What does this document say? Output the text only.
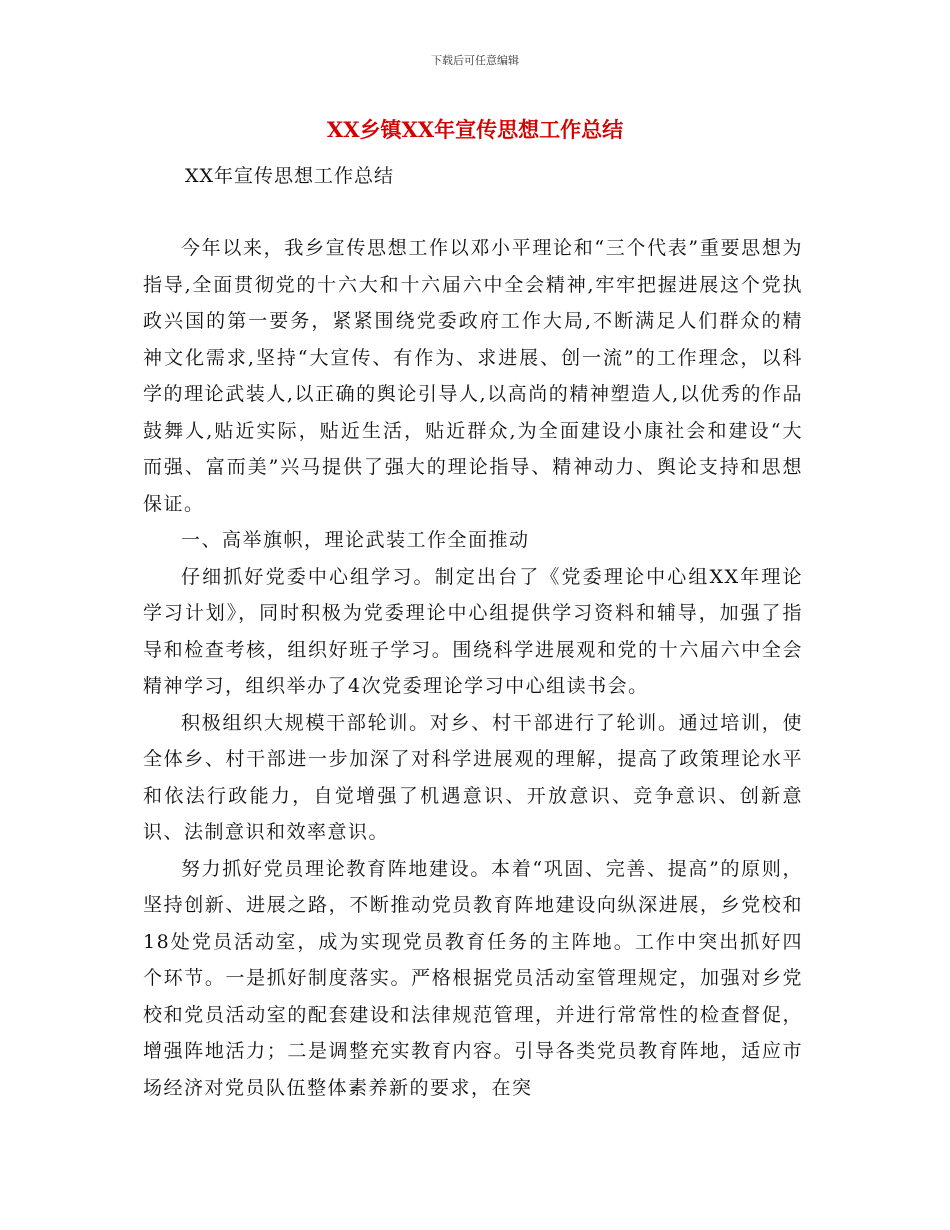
下载后可任意编辑
XX乡镇XX年宣传思想工作总结
XX年宣传思想工作总结

今年以来，我乡宣传思想工作以邓小平理论和“三个代表”重要思想为指导,全面贯彻党的十六大和十六届六中全会精神,牢牢把握进展这个党执政兴国的第一要务，紧紧围绕党委政府工作大局,不断满足人们群众的精神文化需求,坚持“大宣传、有作为、求进展、创一流”的工作理念，以科学的理论武装人,以正确的舆论引导人,以高尚的精神塑造人,以优秀的作品鼓舞人,贴近实际，贴近生活，贴近群众,为全面建设小康社会和建设“大而强、富而美”兴马提供了强大的理论指导、精神动力、舆论支持和思想保证。

一、高举旗帜，理论武装工作全面推动

仔细抓好党委中心组学习。制定出台了《党委理论中心组XX年理论学习计划》，同时积极为党委理论中心组提供学习资料和辅导，加强了指导和检查考核，组织好班子学习。围绕科学进展观和党的十六届六中全会精神学习，组织举办了4次党委理论学习中心组读书会。

积极组织大规模干部轮训。对乡、村干部进行了轮训。通过培训，使全体乡、村干部进一步加深了对科学进展观的理解，提高了政策理论水平和依法行政能力，自觉增强了机遇意识、开放意识、竞争意识、创新意识、法制意识和效率意识。

努力抓好党员理论教育阵地建设。本着“巩固、完善、提高”的原则，坚持创新、进展之路，不断推动党员教育阵地建设向纵深进展，乡党校和18处党员活动室，成为实现党员教育任务的主阵地。工作中突出抓好四个环节。一是抓好制度落实。严格根据党员活动室管理规定，加强对乡党校和党员活动室的配套建设和法律规范管理，并进行常常性的检查督促，增强阵地活力；二是调整充实教育内容。引导各类党员教育阵地，适应市场经济对党员队伍整体素养新的要求，在突
